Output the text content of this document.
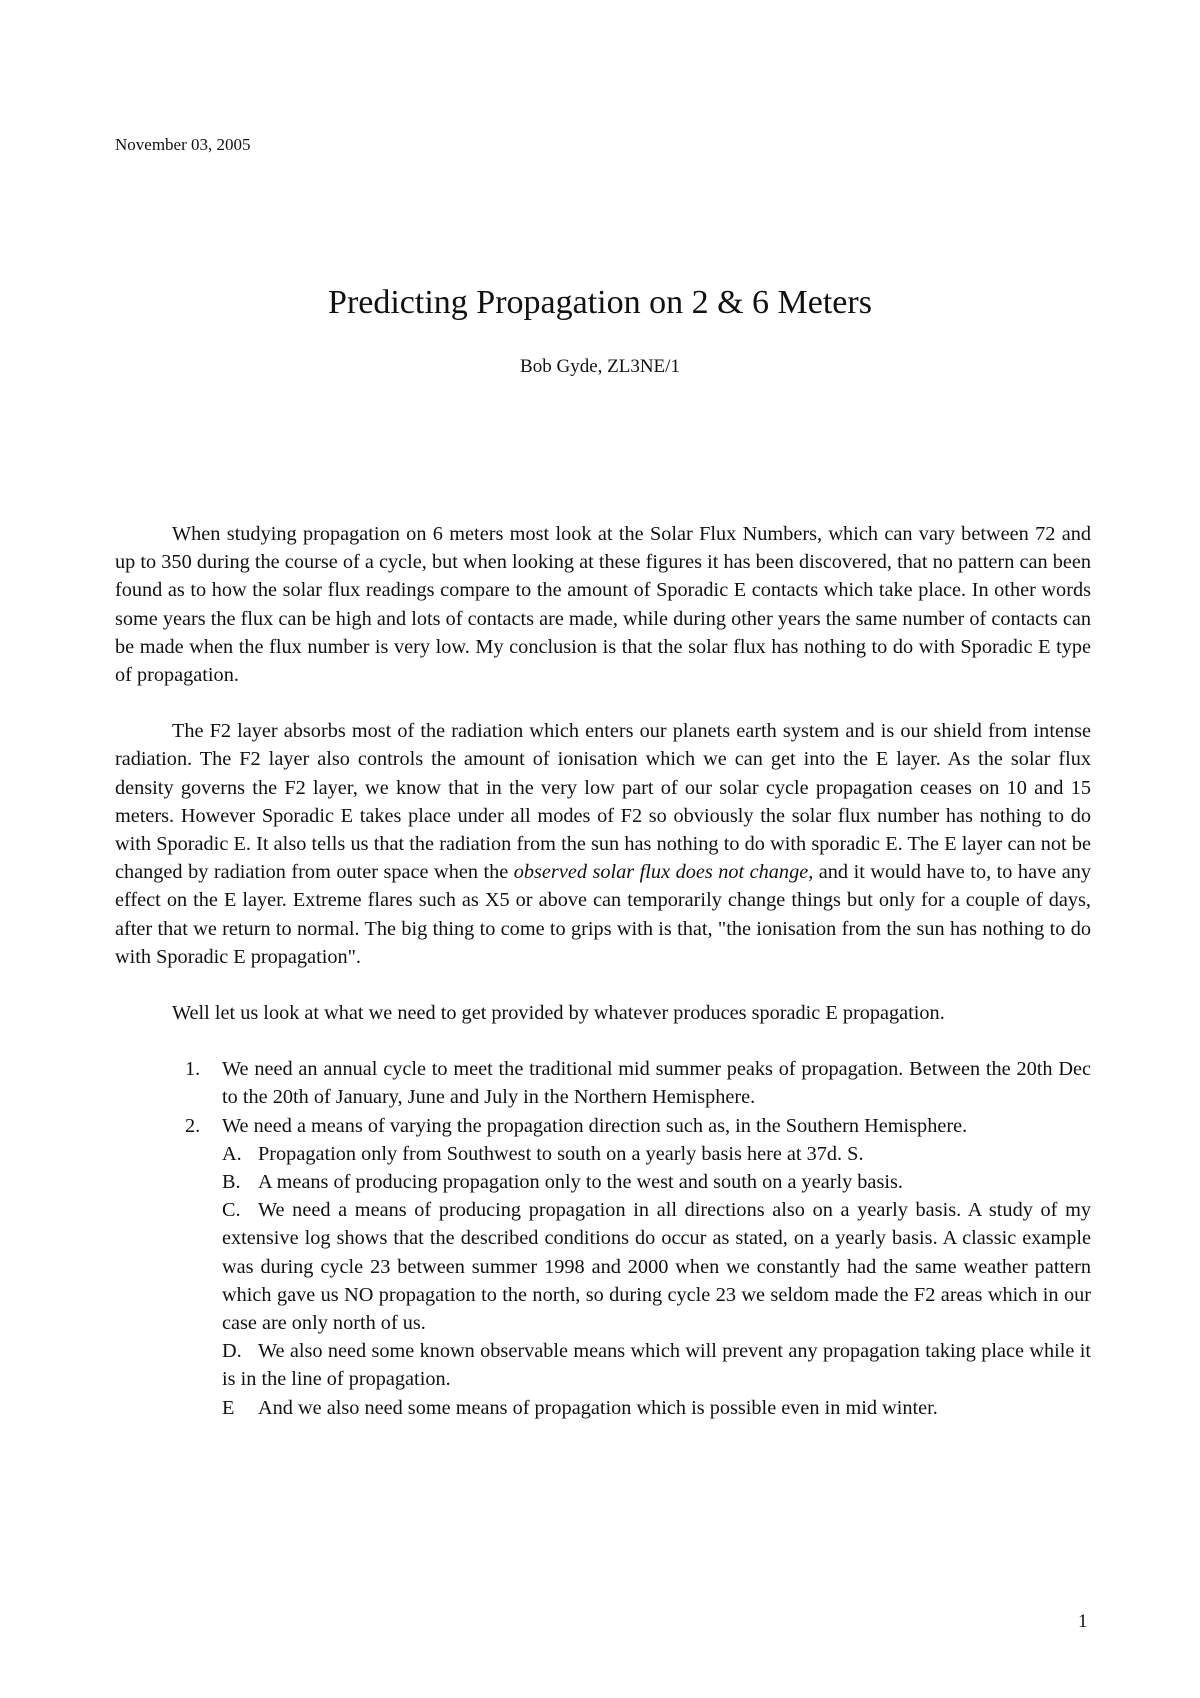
November 03, 2005
Predicting Propagation on 2 & 6 Meters
Bob Gyde, ZL3NE/1

When studying propagation on 6 meters most look at the Solar Flux Numbers, which can vary between 72 and up to 350 during the course of a cycle, but when looking at these figures it has been discovered, that no pattern can been found as to how the solar flux readings compare to the amount of Sporadic E contacts which take place. In other words some years the flux can be high and lots of contacts are made, while during other years the same number of contacts can be made when the flux number is very low. My conclusion is that the solar flux has nothing to do with Sporadic E type of propagation.

The F2 layer absorbs most of the radiation which enters our planets earth system and is our shield from intense radiation. The F2 layer also controls the amount of ionisation which we can get into the E layer. As the solar flux density governs the F2 layer, we know that in the very low part of our solar cycle propagation ceases on 10 and 15 meters. However Sporadic E takes place under all modes of F2 so obviously the solar flux number has nothing to do with Sporadic E. It also tells us that the radiation from the sun has nothing to do with sporadic E. The E layer can not be changed by radiation from outer space when the observed solar flux does not change, and it would have to, to have any effect on the E layer. Extreme flares such as X5 or above can temporarily change things but only for a couple of days, after that we return to normal. The big thing to come to grips with is that, "the ionisation from the sun has nothing to do with Sporadic E propagation".

Well let us look at what we need to get provided by whatever produces sporadic E propagation.

1. We need an annual cycle to meet the traditional mid summer peaks of propagation. Between the 20th Dec to the 20th of January, June and July in the Northern Hemisphere.
2. We need a means of varying the propagation direction such as, in the Southern Hemisphere.
A. Propagation only from Southwest to south on a yearly basis here at 37d. S.
B. A means of producing propagation only to the west and south on a yearly basis.
C. We need a means of producing propagation in all directions also on a yearly basis. A study of my extensive log shows that the described conditions do occur as stated, on a yearly basis. A classic example was during cycle 23 between summer 1998 and 2000 when we constantly had the same weather pattern which gave us NO propagation to the north, so during cycle 23 we seldom made the F2 areas which in our case are only north of us.
D. We also need some known observable means which will prevent any propagation taking place while it is in the line of propagation.
E And we also need some means of propagation which is possible even in mid winter.
1
